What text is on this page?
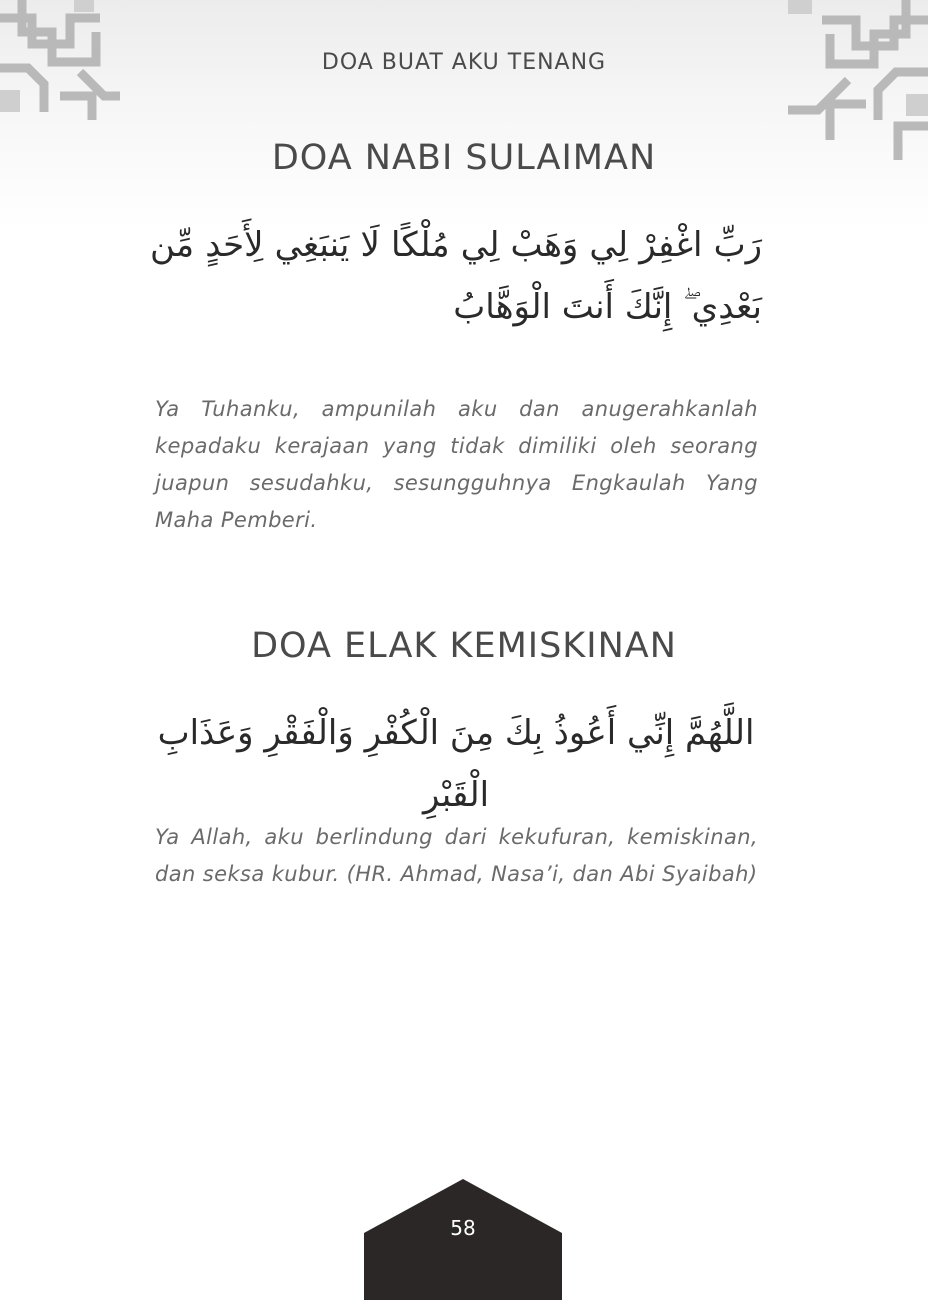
DOA BUAT AKU TENANG
DOA NABI SULAIMAN

رَبِّ اغْفِرْ لِي وَهَبْ لِي مُلْكًا لَا يَنبَغِي لِأَحَدٍ مِّن بَعْدِي ۖ إِنَّكَ أَنتَ الْوَهَّابُ

Ya Tuhanku, ampunilah aku dan anugerahkanlah kepadaku kerajaan yang tidak dimiliki oleh seorang juapun sesudahku, sesungguhnya Engkaulah Yang Maha Pemberi.

DOA ELAK KEMISKINAN

اللَّهُمَّ إِنِّي أَعُوذُ بِكَ مِنَ الْكُفْرِ وَالْفَقْرِ وَعَذَابِ الْقَبْرِ

Ya Allah, aku berlindung dari kekufuran, kemiskinan, dan seksa kubur. (HR. Ahmad, Nasa’i, dan Abi Syaibah)

58
